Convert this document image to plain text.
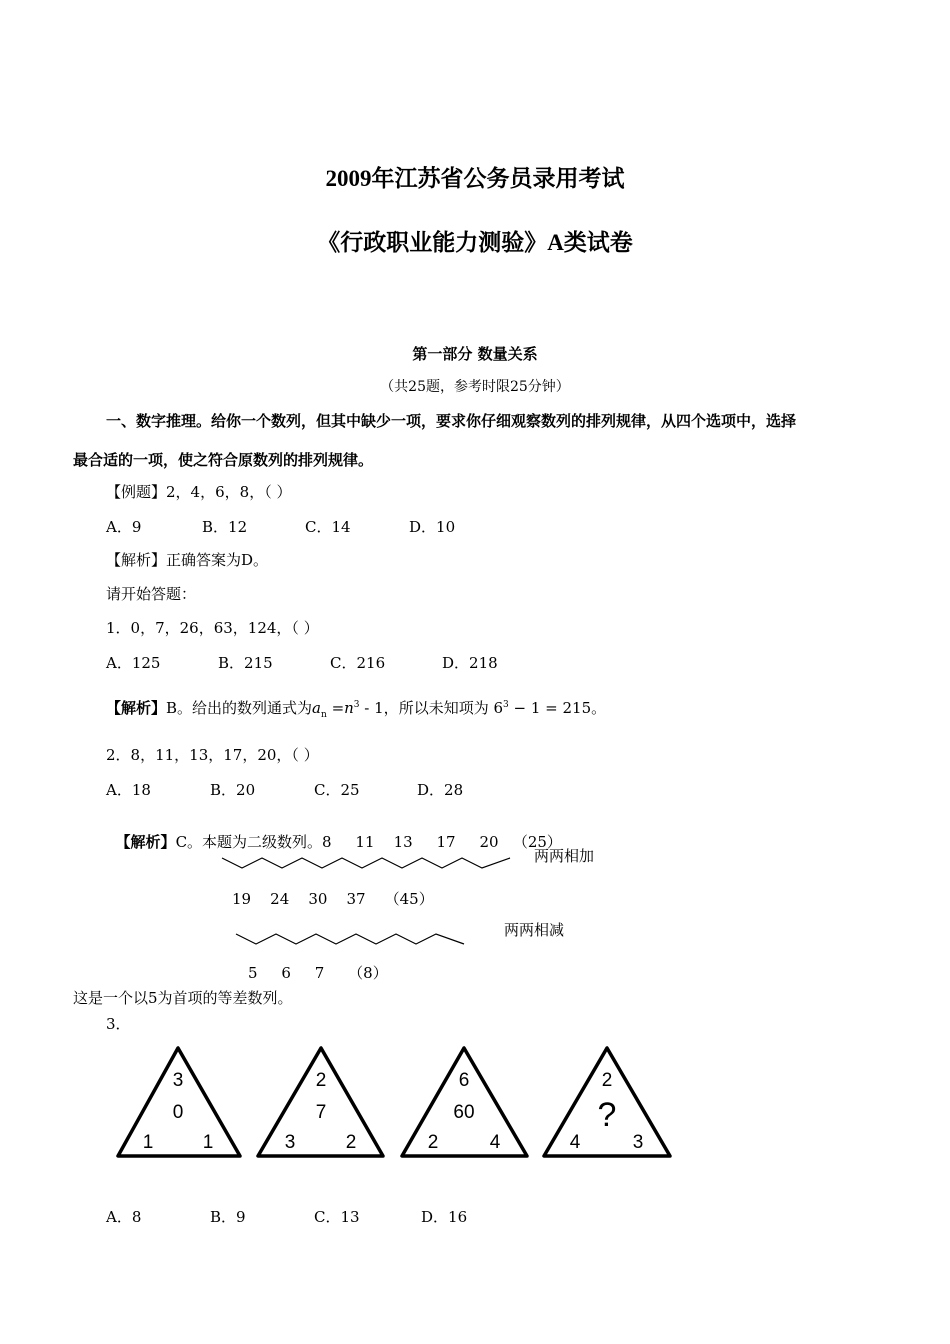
2009年江苏省公务员录用考试
《行政职业能力测验》A类试卷
第一部分 数量关系
（共25题，参考时限25分钟）
一、数字推理。给你一个数列，但其中缺少一项，要求你仔细观察数列的排列规律，从四个选项中，选择
最合适的一项，使之符合原数列的排列规律。
【例题】2，4，6，8，（ ）
A．9	B．12	C．14	D．10
【解析】正确答案为D。
请开始答题：
1．0，7，26，63，124，（ ）
A．125	B．215	C．216	D．218
【解析】B。给出的数列通式为$a_n =n^3 - 1$，所以未知项为 $6^3 - 1 = 215$。
2．8，11，13，17，20，（ ）
A．18	B．20	C．25	D．28

【解析】C。本题为二级数列。8     11    13     17     20   （25）

两两相加
19    24    30    37    （45）
两两相减
5     6     7     （8）
这是一个以5为首项的等差数列。
3．
3
0
1	1
2
7
3	2
6
60
2	4
2
?
4	3
A．8	B．9	C．13	D．16
